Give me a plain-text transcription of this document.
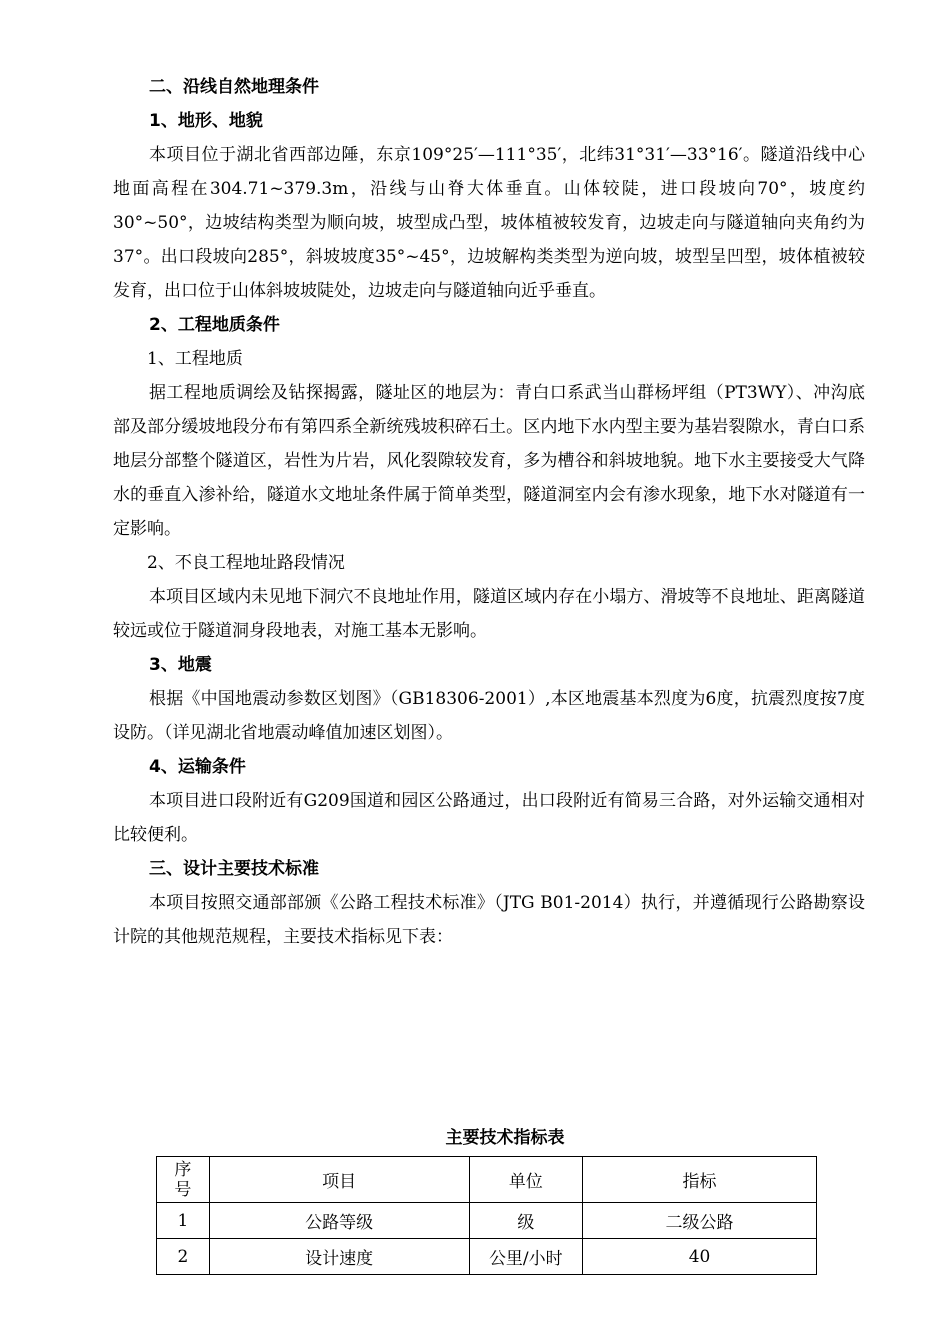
二、沿线自然地理条件

1、地形、地貌

本项目位于湖北省西部边陲，东京109°25′—111°35′，北纬31°31′—33°16′。隧道沿线中心地面高程在304.71~379.3m，沿线与山脊大体垂直。山体较陡，进口段坡向70°，坡度约30°~50°，边坡结构类型为顺向坡，坡型成凸型，坡体植被较发育，边坡走向与隧道轴向夹角约为37°。出口段坡向285°，斜坡坡度35°~45°，边坡解构类类型为逆向坡，坡型呈凹型，坡体植被较发育，出口位于山体斜坡坡陡处，边坡走向与隧道轴向近乎垂直。

2、工程地质条件

1、工程地质

据工程地质调绘及钻探揭露，隧址区的地层为：青白口系武当山群杨坪组（PT3WY）、冲沟底部及部分缓坡地段分布有第四系全新统残坡积碎石土。区内地下水内型主要为基岩裂隙水，青白口系地层分部整个隧道区，岩性为片岩，风化裂隙较发育，多为槽谷和斜坡地貌。地下水主要接受大气降水的垂直入渗补给，隧道水文地址条件属于简单类型，隧道洞室内会有渗水现象，地下水对隧道有一定影响。

2、不良工程地址路段情况

本项目区域内未见地下洞穴不良地址作用，隧道区域内存在小塌方、滑坡等不良地址、距离隧道较远或位于隧道洞身段地表，对施工基本无影响。

3、地震

根据《中国地震动参数区划图》（GB18306-2001）,本区地震基本烈度为6度，抗震烈度按7度设防。（详见湖北省地震动峰值加速区划图）。

4、运输条件

本项目进口段附近有G209国道和园区公路通过，出口段附近有简易三合路，对外运输交通相对比较便利。

三、设计主要技术标准

本项目按照交通部部颁《公路工程技术标准》（JTG B01-2014）执行，并遵循现行公路勘察设计院的其他规范规程，主要技术指标见下表：

主要技术指标表
序
号	项目	单位	指标
1	公路等级	级	二级公路
2	设计速度	公里/小时	40
